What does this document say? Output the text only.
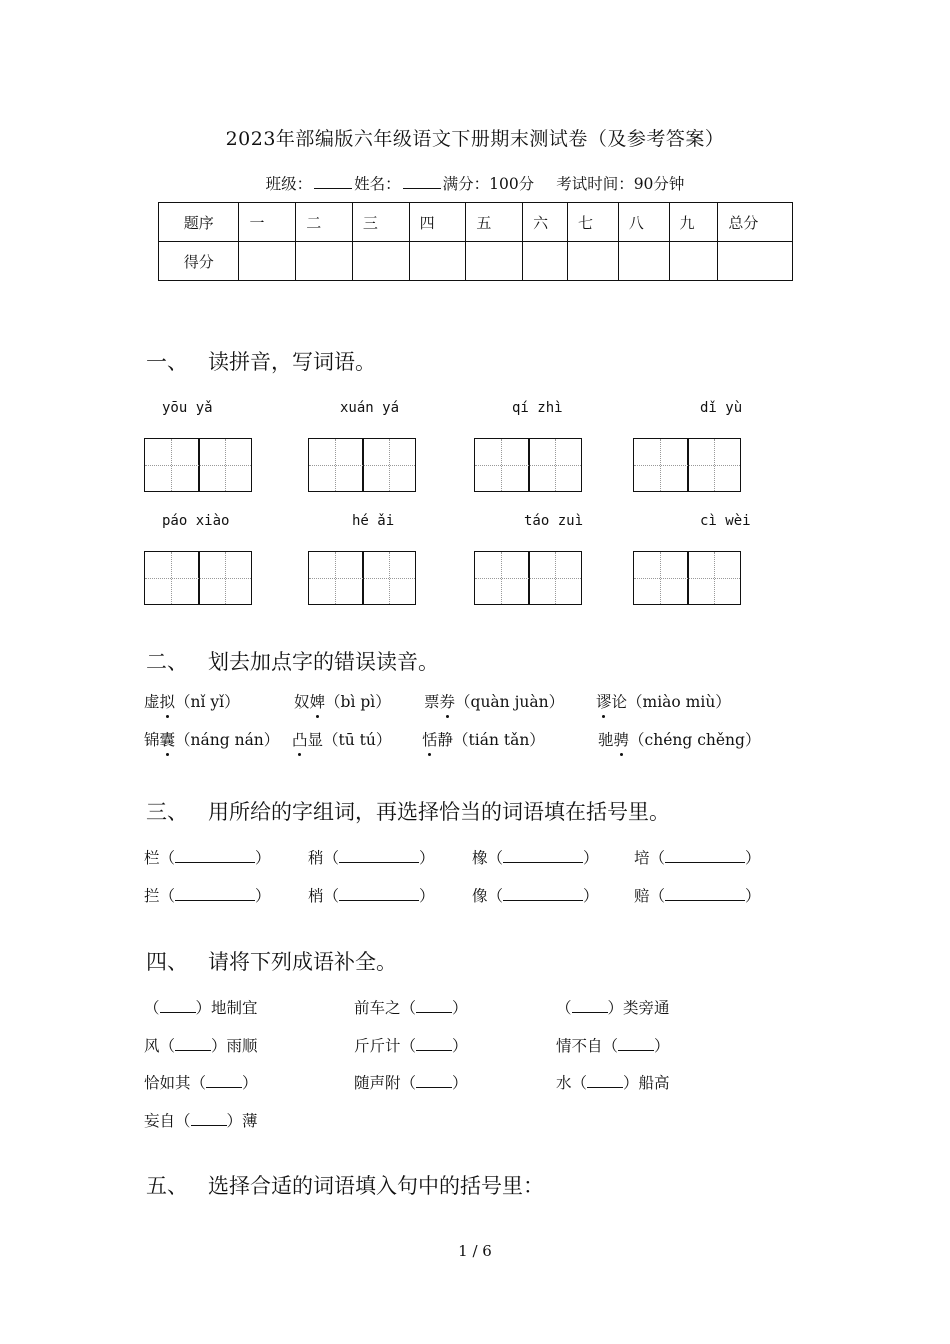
2023年部编版六年级语文下册期末测试卷（及参考答案）
班级：	姓名：	满分：100分 考试时间：90分钟
题序	一	二	三	四	五	六	七	八	九	总分
得分										
一、 读拼音，写词语。
yōu yǎ	xuán yá	qí zhì	dǐ yù
páo xiào	hé ǎi	táo zuì	cì wèi
二、 划去加点字的错误读音。
虚拟（nǐ yǐ）	奴婢（bì pì） 票券（quàn juàn） 谬论（miào miù）
锦囊（náng nán） 凸显（tū tú） 恬静（tián tǎn）	驰骋（chéng chěng）
三、 用所给的字组词，再选择恰当的词语填在括号里。
栏（	） 稍（	） 橡（	） 培（	）
拦（	） 梢（	） 像（	） 赔（	）
四、 请将下列成语补全。
（ ）地制宜	前车之（ ）	（ ）类旁通
风（ ）雨顺	斤斤计（ ）	情不自（ ）
恰如其（ ）	随声附（ ）	水（ ）船高
妄自（ ）薄
五、 选择合适的词语填入句中的括号里：
1 / 6
